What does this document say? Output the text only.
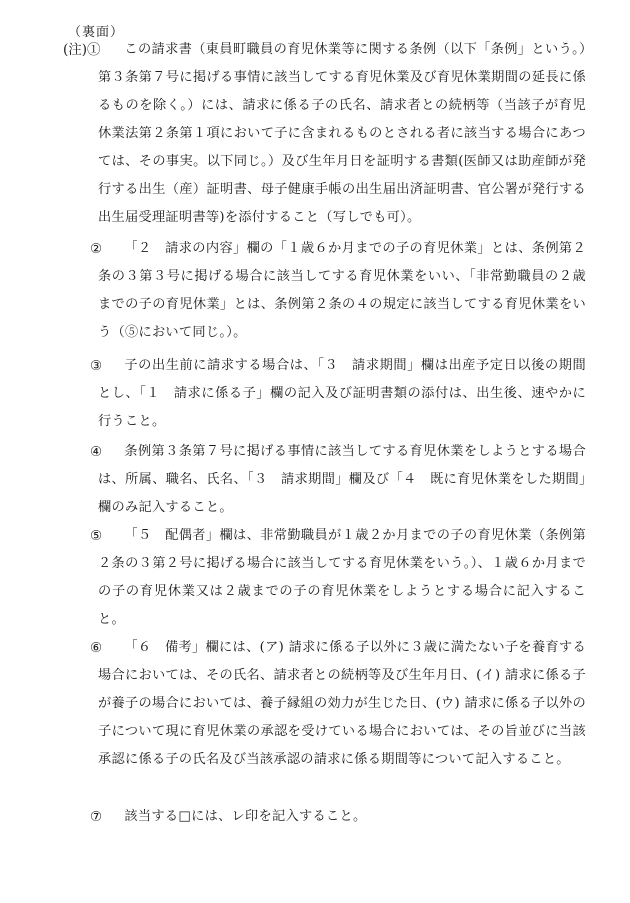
（裏面）
(注)①	この請求書（東員町職員の育児休業等に関する条例（以下「条例」という。）第３条第７号に掲げる事情に該当してする育児休業及び育児休業期間の延長に係るものを除く。）には、請求に係る子の氏名、請求者との続柄等（当該子が育児休業法第２条第１項において子に含まれるものとされる者に該当する場合にあつては、その事実。以下同じ。）及び生年月日を証明する書類(医師又は助産師が発行する出生（産）証明書、母子健康手帳の出生届出済証明書、官公署が発行する出生届受理証明書等)を添付すること（写しでも可）。
②	「２　請求の内容」欄の「１歳６か月までの子の育児休業」とは、条例第２条の３第３号に掲げる場合に該当してする育児休業をいい、「非常勤職員の２歳までの子の育児休業」とは、条例第２条の４の規定に該当してする育児休業をいう（⑤において同じ。）。
③	子の出生前に請求する場合は、「３　請求期間」欄は出産予定日以後の期間とし、「１　請求に係る子」欄の記入及び証明書類の添付は、出生後、速やかに行うこと。
④	条例第３条第７号に掲げる事情に該当してする育児休業をしようとする場合は、所属、職名、氏名、「３　請求期間」欄及び「４　既に育児休業をした期間」欄のみ記入すること。
⑤	「５　配偶者」欄は、非常勤職員が１歳２か月までの子の育児休業（条例第２条の３第２号に掲げる場合に該当してする育児休業をいう。）、１歳６か月までの子の育児休業又は２歳までの子の育児休業をしようとする場合に記入すること。
⑥	「６　備考」欄には、(ア) 請求に係る子以外に３歳に満たない子を養育する場合においては、その氏名、請求者との続柄等及び生年月日、(イ) 請求に係る子が養子の場合においては、養子縁組の効力が生じた日、(ウ) 請求に係る子以外の子について現に育児休業の承認を受けている場合においては、その旨並びに当該承認に係る子の氏名及び当該承認の請求に係る期間等について記入すること。
⑦	該当する□には、レ印を記入すること。
